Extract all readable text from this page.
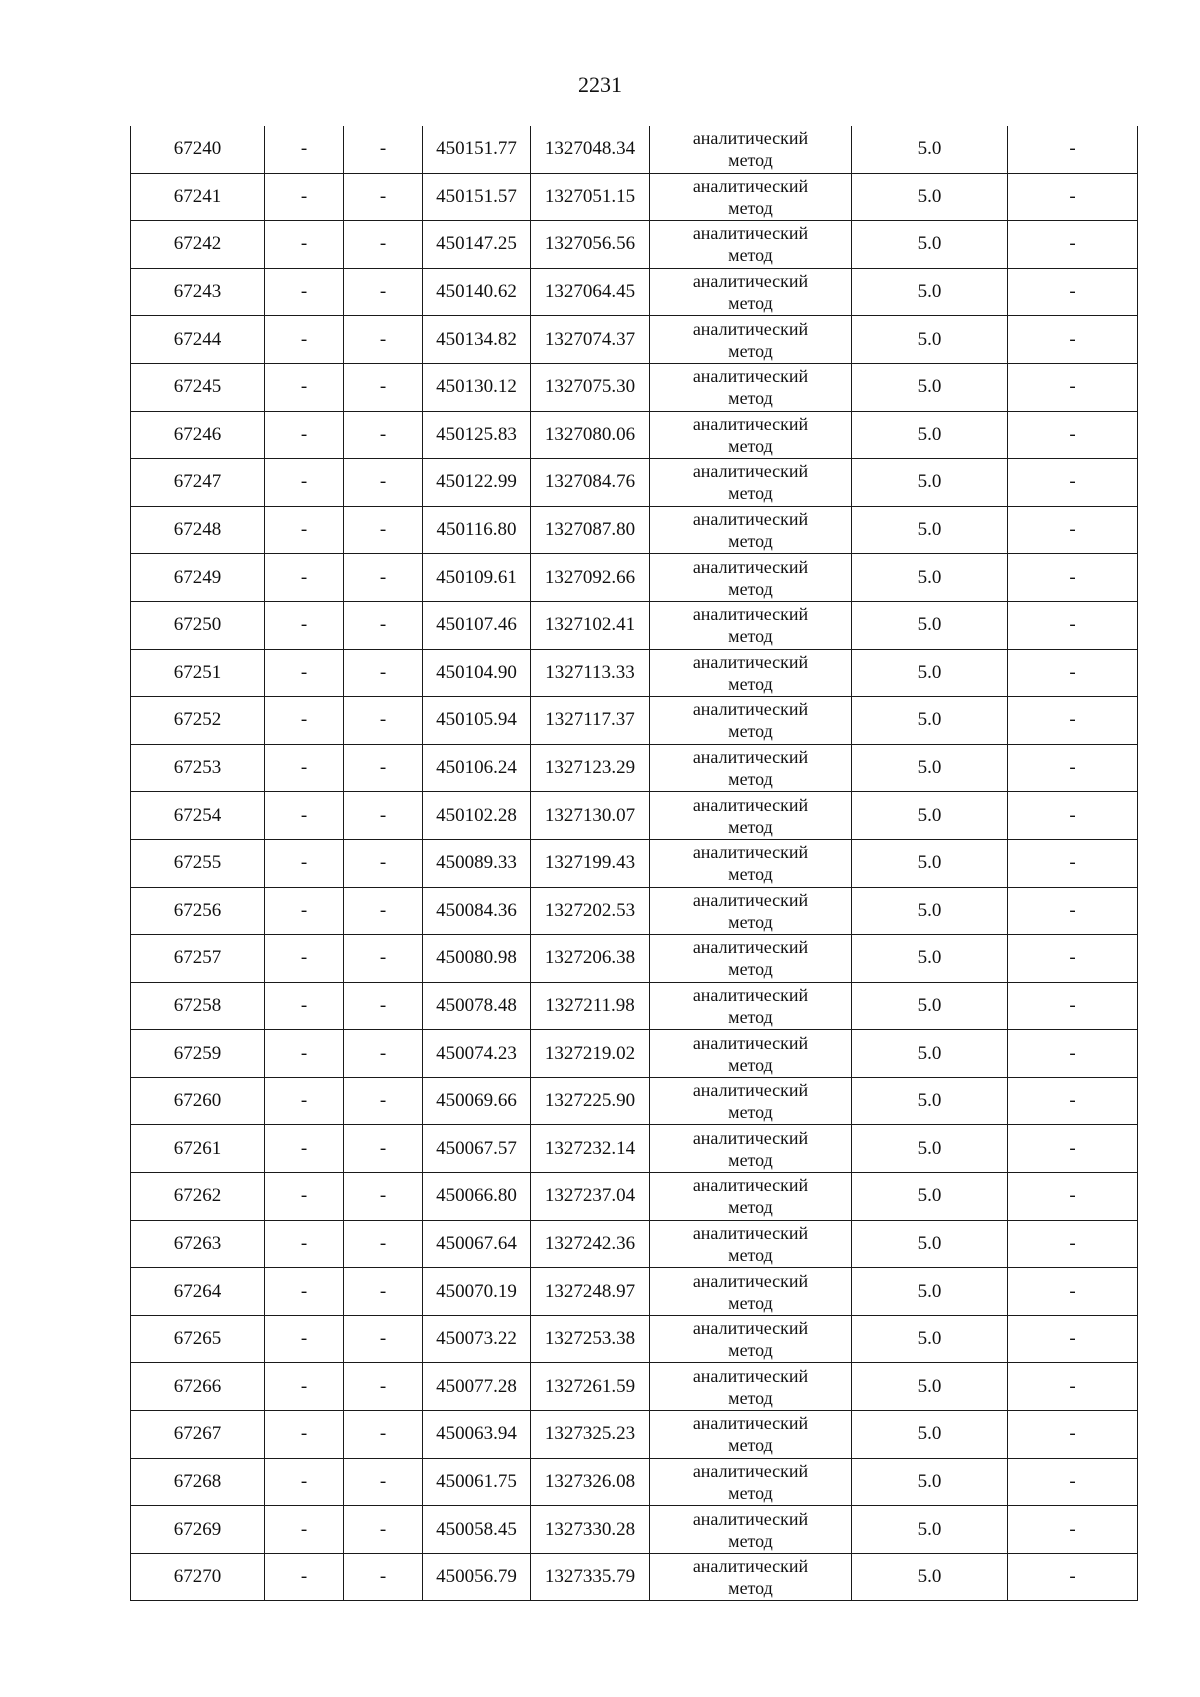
2231
67240	-	-	450151.77	1327048.34	аналитический метод	5.0	-
67241	-	-	450151.57	1327051.15	аналитический метод	5.0	-
67242	-	-	450147.25	1327056.56	аналитический метод	5.0	-
67243	-	-	450140.62	1327064.45	аналитический метод	5.0	-
67244	-	-	450134.82	1327074.37	аналитический метод	5.0	-
67245	-	-	450130.12	1327075.30	аналитический метод	5.0	-
67246	-	-	450125.83	1327080.06	аналитический метод	5.0	-
67247	-	-	450122.99	1327084.76	аналитический метод	5.0	-
67248	-	-	450116.80	1327087.80	аналитический метод	5.0	-
67249	-	-	450109.61	1327092.66	аналитический метод	5.0	-
67250	-	-	450107.46	1327102.41	аналитический метод	5.0	-
67251	-	-	450104.90	1327113.33	аналитический метод	5.0	-
67252	-	-	450105.94	1327117.37	аналитический метод	5.0	-
67253	-	-	450106.24	1327123.29	аналитический метод	5.0	-
67254	-	-	450102.28	1327130.07	аналитический метод	5.0	-
67255	-	-	450089.33	1327199.43	аналитический метод	5.0	-
67256	-	-	450084.36	1327202.53	аналитический метод	5.0	-
67257	-	-	450080.98	1327206.38	аналитический метод	5.0	-
67258	-	-	450078.48	1327211.98	аналитический метод	5.0	-
67259	-	-	450074.23	1327219.02	аналитический метод	5.0	-
67260	-	-	450069.66	1327225.90	аналитический метод	5.0	-
67261	-	-	450067.57	1327232.14	аналитический метод	5.0	-
67262	-	-	450066.80	1327237.04	аналитический метод	5.0	-
67263	-	-	450067.64	1327242.36	аналитический метод	5.0	-
67264	-	-	450070.19	1327248.97	аналитический метод	5.0	-
67265	-	-	450073.22	1327253.38	аналитический метод	5.0	-
67266	-	-	450077.28	1327261.59	аналитический метод	5.0	-
67267	-	-	450063.94	1327325.23	аналитический метод	5.0	-
67268	-	-	450061.75	1327326.08	аналитический метод	5.0	-
67269	-	-	450058.45	1327330.28	аналитический метод	5.0	-
67270	-	-	450056.79	1327335.79	аналитический метод	5.0	-
